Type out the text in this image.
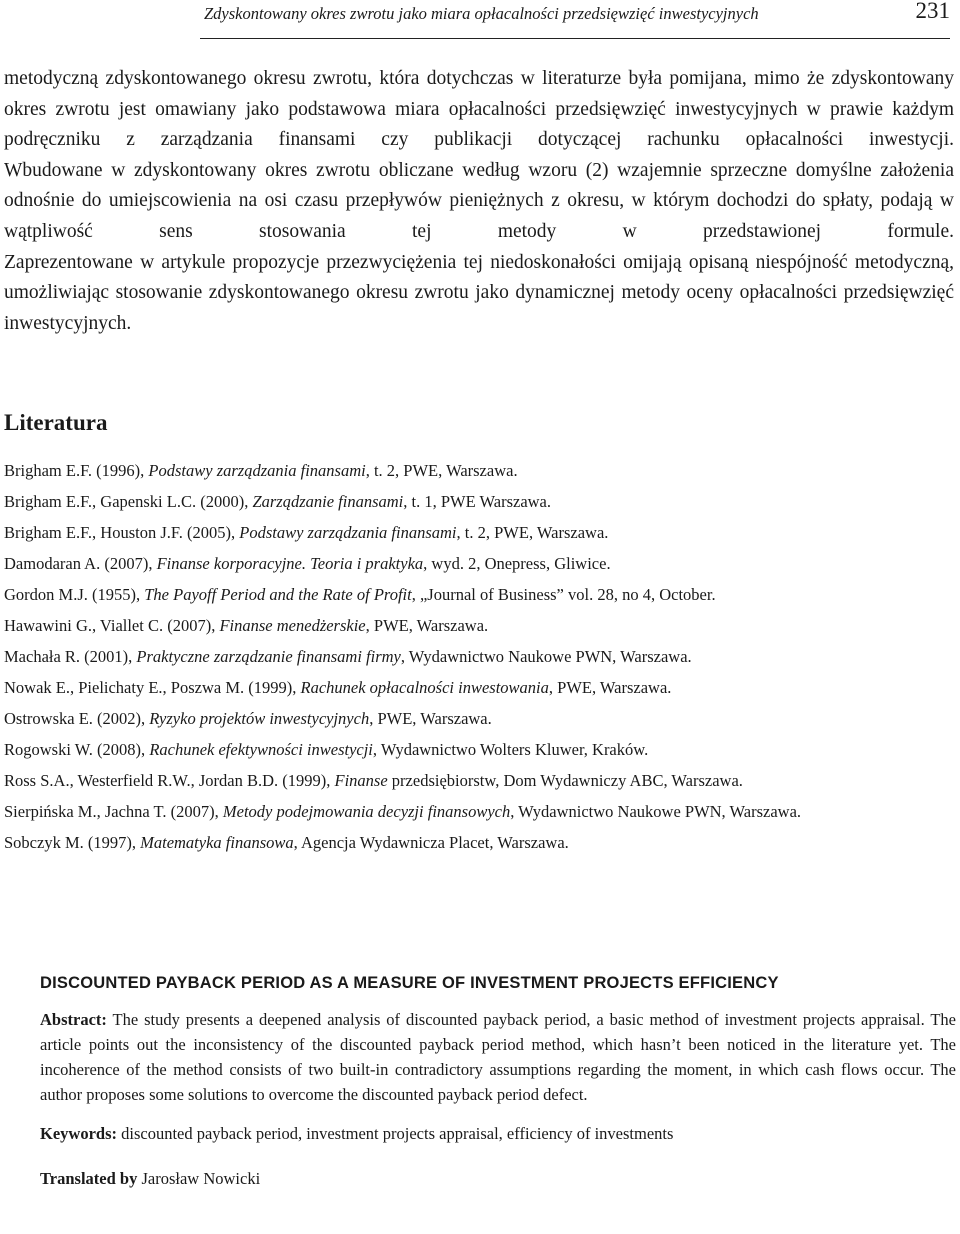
Zdyskontowany okres zwrotu jako miara opłacalności przedsięwzięć inwestycyjnych	231

metodyczną zdyskontowanego okresu zwrotu, która dotychczas w literaturze była pomijana, mimo że zdyskontowany okres zwrotu jest omawiany jako podstawowa miara opłacalności przedsięwzięć inwestycyjnych w prawie każdym podręczniku z zarządzania finansami czy publikacji dotyczącej rachunku opłacalności inwestycji.
Wbudowane w zdyskontowany okres zwrotu obliczane według wzoru (2) wzajemnie sprzeczne domyślne założenia odnośnie do umiejscowienia na osi czasu przepływów pieniężnych z okresu, w którym dochodzi do spłaty, podają w wątpliwość sens stosowania tej metody w przedstawionej formule.
Zaprezentowane w artykule propozycje przezwyciężenia tej niedoskonałości omijają opisaną niespójność metodyczną, umożliwiając stosowanie zdyskontowanego okresu zwrotu jako dynamicznej metody oceny opłacalności przedsięwzięć inwestycyjnych.

Literatura
Brigham E.F. (1996), Podstawy zarządzania finansami, t. 2, PWE, Warszawa.
Brigham E.F., Gapenski L.C. (2000), Zarządzanie finansami, t. 1, PWE Warszawa.
Brigham E.F., Houston J.F. (2005), Podstawy zarządzania finansami, t. 2, PWE, Warszawa.
Damodaran A. (2007), Finanse korporacyjne. Teoria i praktyka, wyd. 2, Onepress, Gliwice.
Gordon M.J. (1955), The Payoff Period and the Rate of Profit, „Journal of Business” vol. 28, no 4, October.
Hawawini G., Viallet C. (2007), Finanse menedżerskie, PWE, Warszawa.
Machała R. (2001), Praktyczne zarządzanie finansami firmy, Wydawnictwo Naukowe PWN, Warszawa.
Nowak E., Pielichaty E., Poszwa M. (1999), Rachunek opłacalności inwestowania, PWE, Warszawa.
Ostrowska E. (2002), Ryzyko projektów inwestycyjnych, PWE, Warszawa.
Rogowski W. (2008), Rachunek efektywności inwestycji, Wydawnictwo Wolters Kluwer, Kraków.
Ross S.A., Westerfield R.W., Jordan B.D. (1999), Finanse przedsiębiorstw, Dom Wydawniczy ABC, Warszawa.
Sierpińska M., Jachna T. (2007), Metody podejmowania decyzji finansowych, Wydawnictwo Naukowe PWN, Warszawa.
Sobczyk M. (1997), Matematyka finansowa, Agencja Wydawnicza Placet, Warszawa.
DISCOUNTED PAYBACK PERIOD AS A MEASURE OF INVESTMENT PROJECTS EFFICIENCY

Abstract: The study presents a deepened analysis of discounted payback period, a basic method of investment projects appraisal. The article points out the inconsistency of the discounted payback period method, which hasn’t been noticed in the literature yet. The incoherence of the method consists of two built-in contradictory assumptions regarding the moment, in which cash flows occur. The author proposes some solutions to overcome the discounted payback period defect.

Keywords: discounted payback period, investment projects appraisal, efficiency of investments

Translated by Jarosław Nowicki
